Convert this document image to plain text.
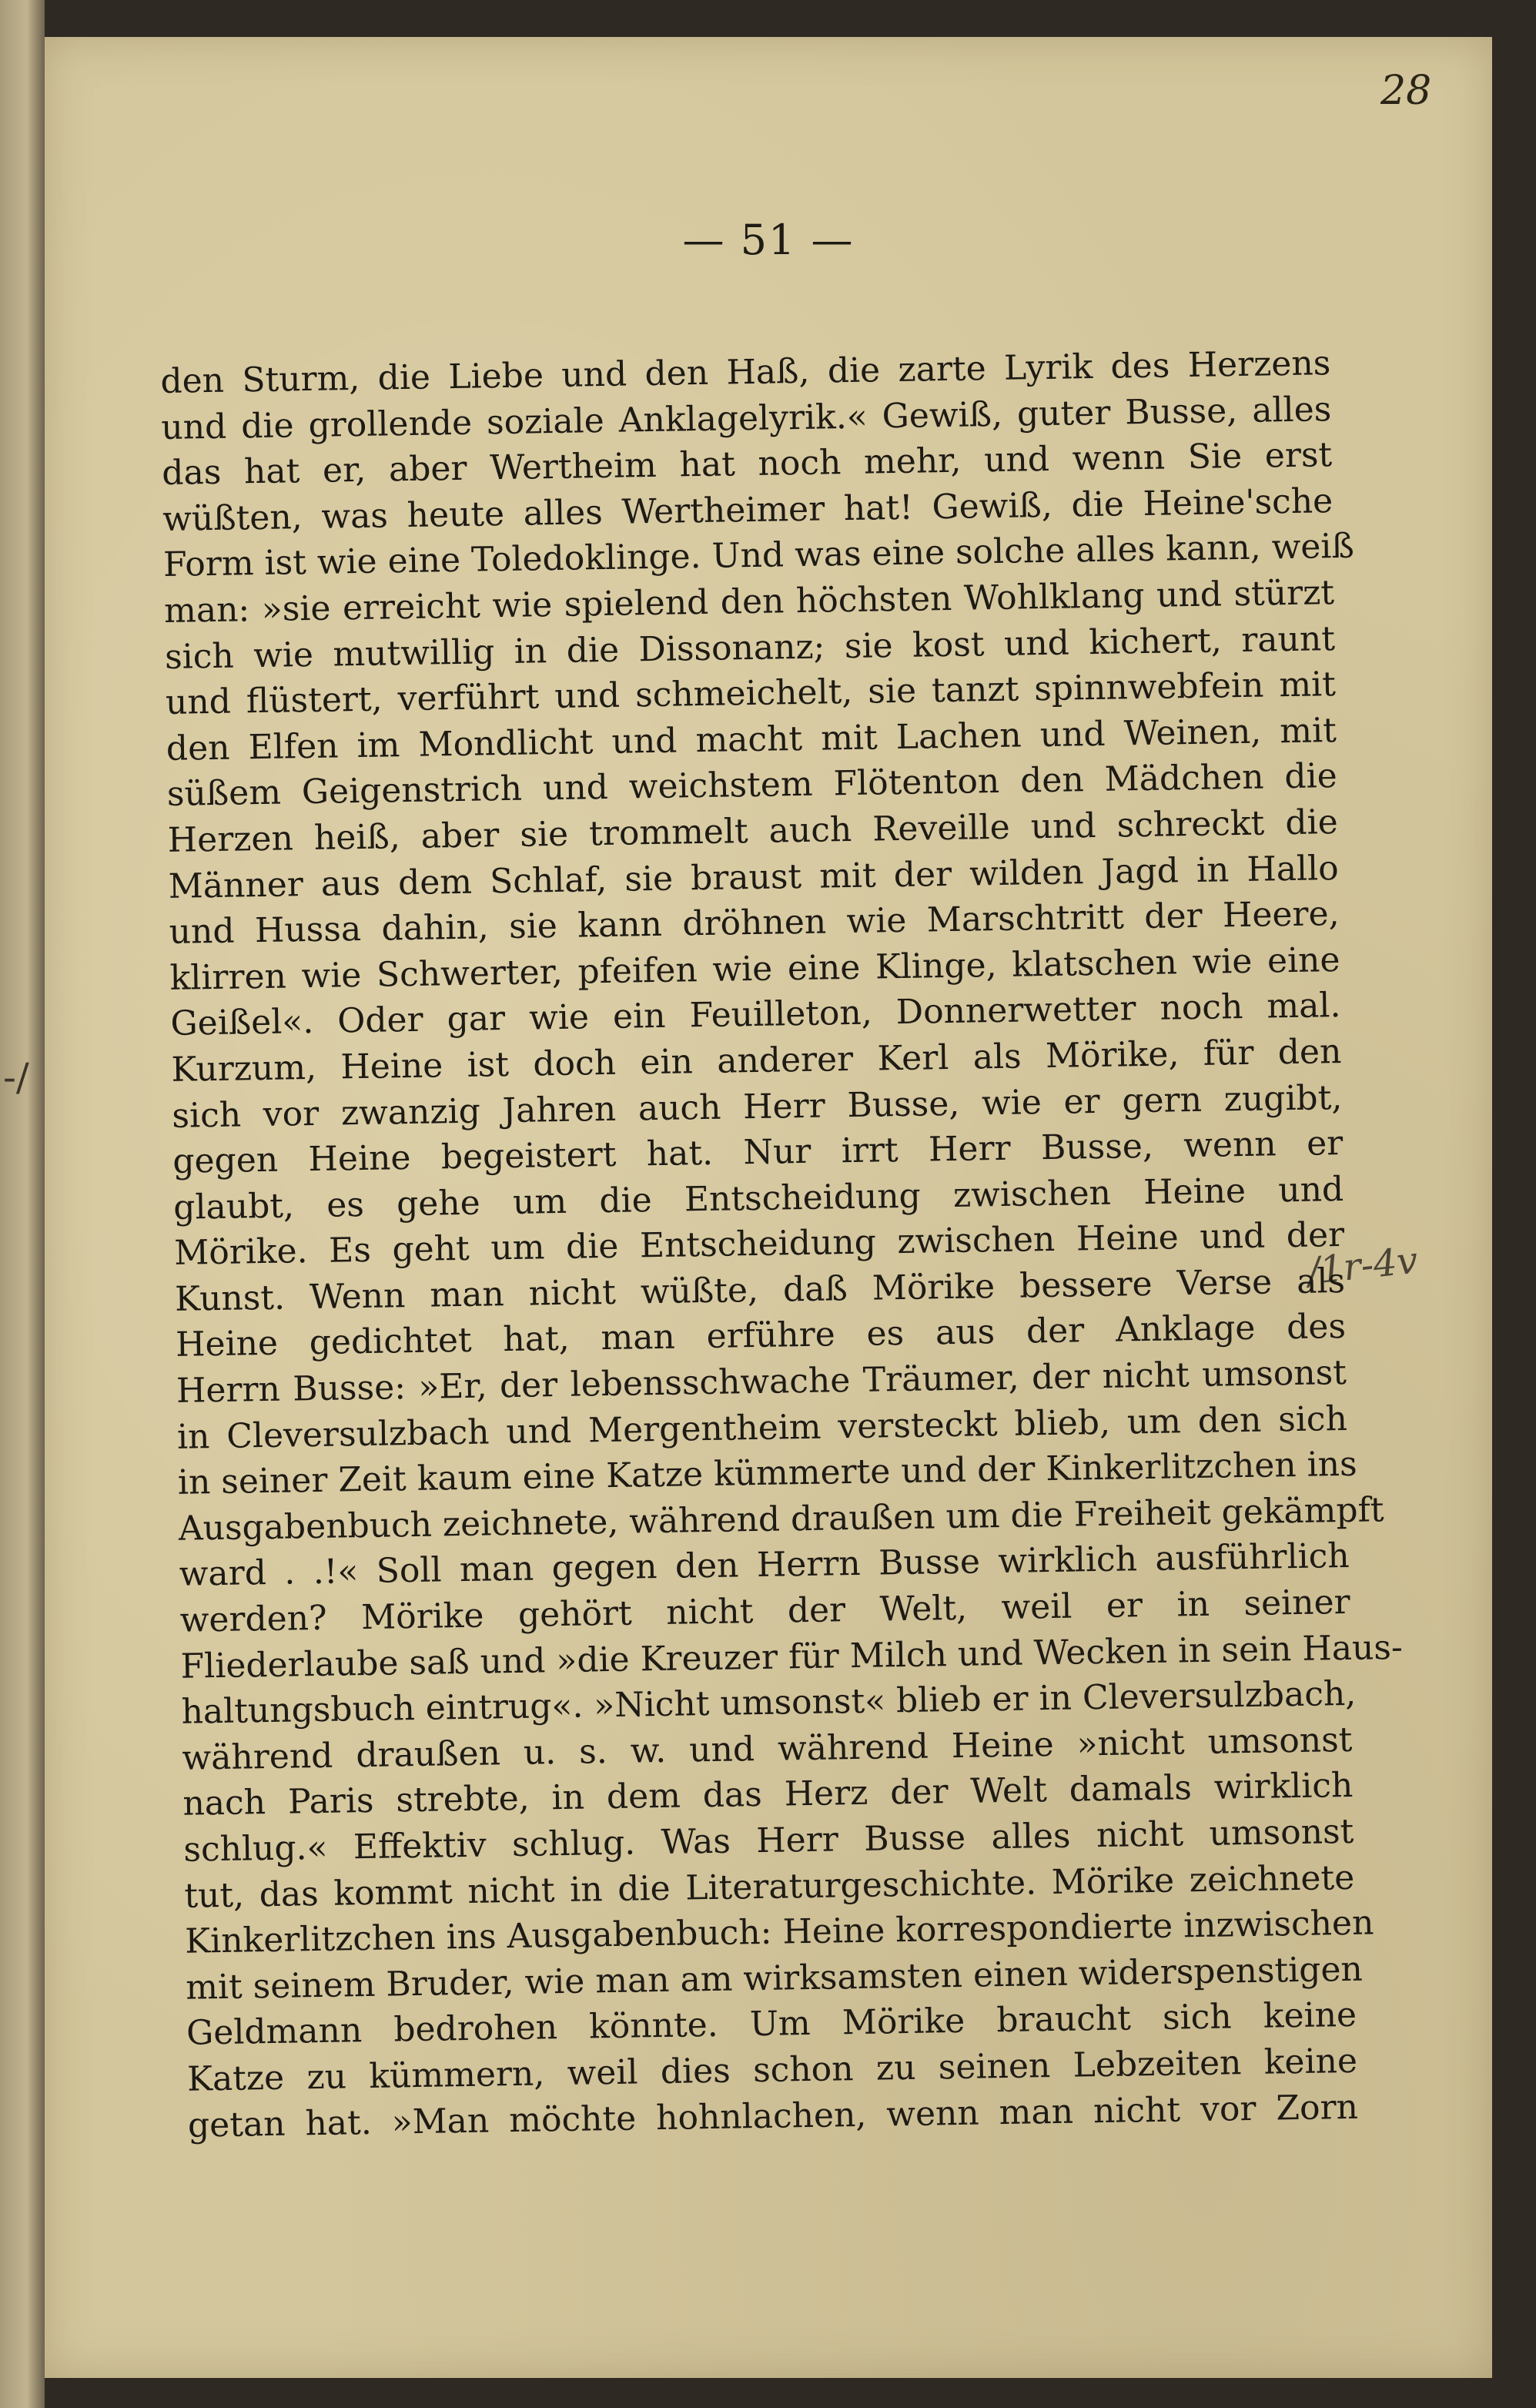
-/
28
— 51 —
/1r-4v
den Sturm, die Liebe und den Haß, die zarte Lyrik des Herzens
und die grollende soziale Anklagelyrik.« Gewiß, guter Busse, alles
das hat er, aber Wertheim hat noch mehr, und wenn Sie erst
wüßten, was heute alles Wertheimer hat! Gewiß, die Heine'sche
Form ist wie eine Toledoklinge. Und was eine solche alles kann, weiß
man: »sie erreicht wie spielend den höchsten Wohlklang und stürzt
sich wie mutwillig in die Dissonanz; sie kost und kichert, raunt
und flüstert, verführt und schmeichelt, sie tanzt spinnwebfein mit
den Elfen im Mondlicht und macht mit Lachen und Weinen, mit
süßem Geigenstrich und weichstem Flötenton den Mädchen die
Herzen heiß, aber sie trommelt auch Reveille und schreckt die
Männer aus dem Schlaf, sie braust mit der wilden Jagd in Hallo
und Hussa dahin, sie kann dröhnen wie Marschtritt der Heere,
klirren wie Schwerter, pfeifen wie eine Klinge, klatschen wie eine
Geißel«. Oder gar wie ein Feuilleton, Donnerwetter noch mal.
Kurzum, Heine ist doch ein anderer Kerl als Mörike, für den
sich vor zwanzig Jahren auch Herr Busse, wie er gern zugibt,
gegen Heine begeistert hat. Nur irrt Herr Busse, wenn er
glaubt, es gehe um die Entscheidung zwischen Heine und
Mörike. Es geht um die Entscheidung zwischen Heine und der
Kunst. Wenn man nicht wüßte, daß Mörike bessere Verse als
Heine gedichtet hat, man erführe es aus der Anklage des
Herrn Busse: »Er, der lebensschwache Träumer, der nicht umsonst
in Cleversulzbach und Mergentheim versteckt blieb, um den sich
in seiner Zeit kaum eine Katze kümmerte und der Kinkerlitzchen ins
Ausgabenbuch zeichnete, während draußen um die Freiheit gekämpft
ward . .!« Soll man gegen den Herrn Busse wirklich ausführlich
werden? Mörike gehört nicht der Welt, weil er in seiner
Fliederlaube saß und »die Kreuzer für Milch und Wecken in sein Haus-
haltungsbuch eintrug«. »Nicht umsonst« blieb er in Cleversulzbach,
während draußen u. s. w. und während Heine »nicht umsonst
nach Paris strebte, in dem das Herz der Welt damals wirklich
schlug.« Effektiv schlug. Was Herr Busse alles nicht umsonst
tut, das kommt nicht in die Literaturgeschichte. Mörike zeichnete
Kinkerlitzchen ins Ausgabenbuch: Heine korrespondierte inzwischen
mit seinem Bruder, wie man am wirksamsten einen widerspenstigen
Geldmann bedrohen könnte. Um Mörike braucht sich keine
Katze zu kümmern, weil dies schon zu seinen Lebzeiten keine
getan hat. »Man möchte hohnlachen, wenn man nicht vor Zorn
